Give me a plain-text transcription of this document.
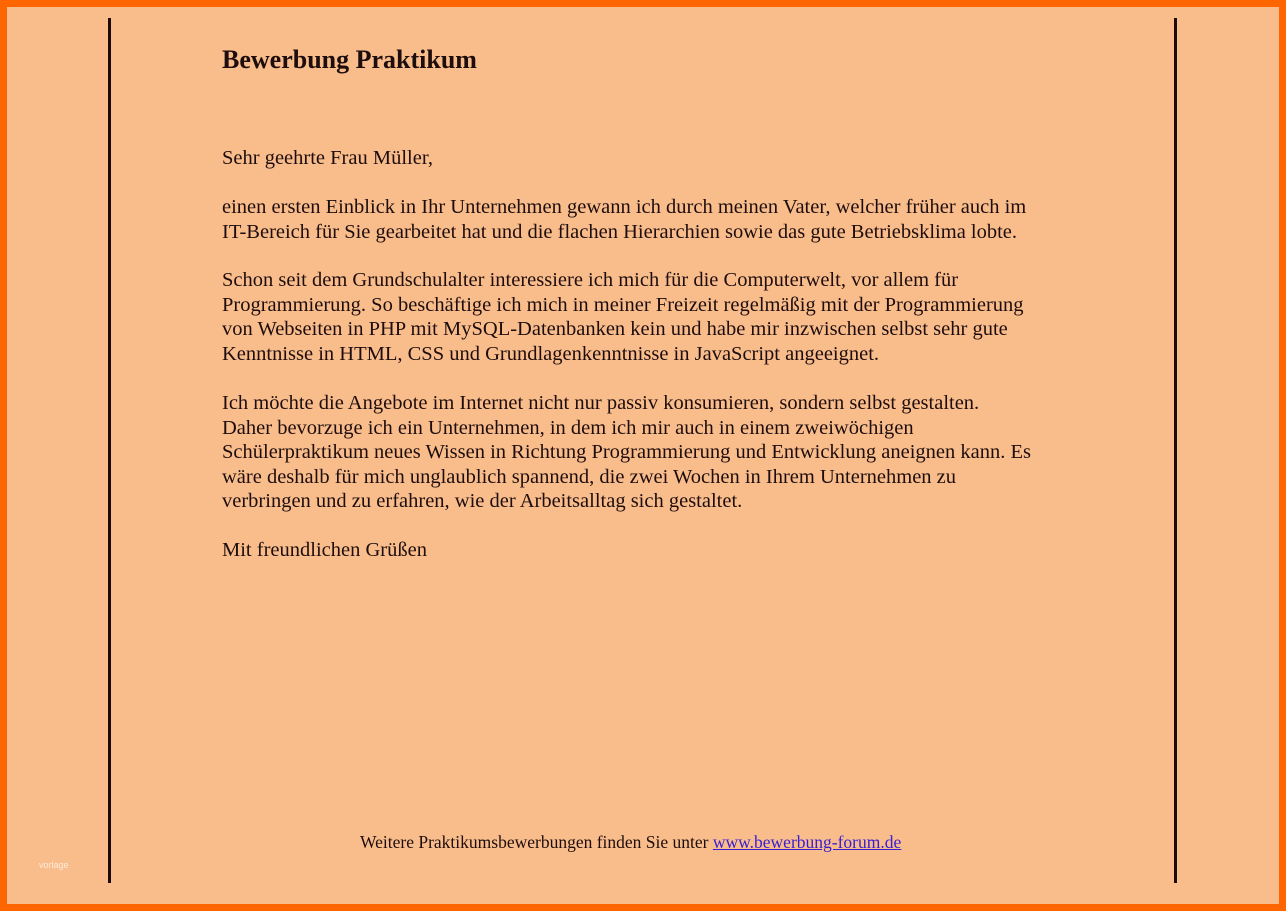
Bewerbung Praktikum

Sehr geehrte Frau Müller,

einen ersten Einblick in Ihr Unternehmen gewann ich durch meinen Vater, welcher früher auch im
IT-Bereich für Sie gearbeitet hat und die flachen Hierarchien sowie das gute Betriebsklima lobte.

Schon seit dem Grundschulalter interessiere ich mich für die Computerwelt, vor allem für
Programmierung. So beschäftige ich mich in meiner Freizeit regelmäßig mit der Programmierung
von Webseiten in PHP mit MySQL-Datenbanken kein und habe mir inzwischen selbst sehr gute
Kenntnisse in HTML, CSS und Grundlagenkenntnisse in JavaScript angeeignet.

Ich möchte die Angebote im Internet nicht nur passiv konsumieren, sondern selbst gestalten.
Daher bevorzuge ich ein Unternehmen, in dem ich mir auch in einem zweiwöchigen
Schülerpraktikum neues Wissen in Richtung Programmierung und Entwicklung aneignen kann. Es
wäre deshalb für mich unglaublich spannend, die zwei Wochen in Ihrem Unternehmen zu
verbringen und zu erfahren, wie der Arbeitsalltag sich gestaltet.

Mit freundlichen Grüßen

Weitere Praktikumsbewerbungen finden Sie unter www.bewerbung-forum.de
vorlage
